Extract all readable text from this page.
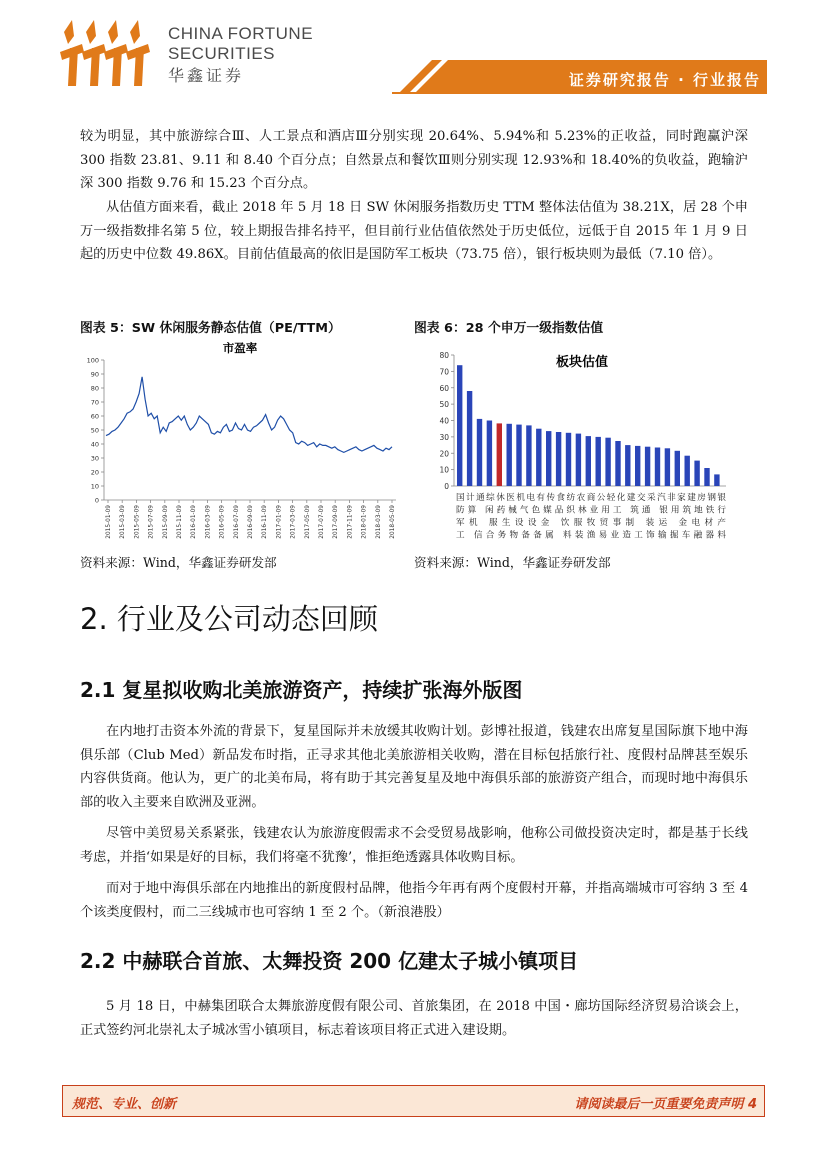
CHINA FORTUNE
SECURITIES
华鑫证券	证券研究报告 · 行业报告

较为明显，其中旅游综合Ⅲ、人工景点和酒店Ⅲ分别实现 20.64%、5.94%和 5.23%的正收益，同时跑赢沪深 300 指数 23.81、9.11 和 8.40 个百分点；自然景点和餐饮Ⅲ则分别实现 12.93%和 18.40%的负收益，跑输沪深 300 指数 9.76 和 15.23 个百分点。

从估值方面来看，截止 2018 年 5 月 18 日 SW 休闲服务指数历史 TTM 整体法估值为 38.21X，居 28 个申万一级指数排名第 5 位，较上期报告排名持平，但目前行业估值依然处于历史低位，远低于自 2015 年 1 月 9 日起的历史中位数 49.86X。目前估值最高的依旧是国防军工板块（73.75 倍），银行板块则为最低（7.10 倍）。

图表 5：SW 休闲服务静态估值（PE/TTM）
市盈率
0
10
20
30
40
50
60
70
80
90
100
2015-01-09 2015-03-09 2015-05-09 2015-07-09 2015-09-09 2015-11-09 2016-01-09 2016-03-09 2016-05-09 2016-07-09 2016-09-09 2016-11-09 2017-01-09 2017-03-09 2017-05-09 2017-07-09 2017-09-09 2017-11-09 2018-01-09 2018-03-09 2018-05-09
资料来源：Wind，华鑫证券研发部
图表 6：28 个申万一级指数估值
板块估值
0
10
20
30
40
50
60
70
80
国计通综休医机电有传食纺农商公轻化建交采汽非家建房钢银
防算 闲药械气色媒品织林业用工 筑通 银用筑地铁行
军机 服生设设金 饮服牧贸事制 装运 金电材产
工 信合务物备备属 料装渔易业造工饰输掘车融器料
资料来源：Wind，华鑫证券研发部
2. 行业及公司动态回顾
2.1 复星拟收购北美旅游资产，持续扩张海外版图

在内地打击资本外流的背景下，复星国际并未放缓其收购计划。彭博社报道，钱建农出席复星国际旗下地中海俱乐部（Club Med）新品发布时指，正寻求其他北美旅游相关收购，潜在目标包括旅行社、度假村品牌甚至娱乐内容供货商。他认为，更广的北美布局，将有助于其完善复星及地中海俱乐部的旅游资产组合，而现时地中海俱乐部的收入主要来自欧洲及亚洲。

尽管中美贸易关系紧张，钱建农认为旅游度假需求不会受贸易战影响，他称公司做投资决定时，都是基于长线考虑，并指‘如果是好的目标，我们将毫不犹豫’，惟拒绝透露具体收购目标。

而对于地中海俱乐部在内地推出的新度假村品牌，他指今年再有两个度假村开幕，并指高端城市可容纳 3 至 4 个该类度假村，而二三线城市也可容纳 1 至 2 个。（新浪港股）

2.2 中赫联合首旅、太舞投资 200 亿建太子城小镇项目

5 月 18 日，中赫集团联合太舞旅游度假有限公司、首旅集团，在 2018 中国・廊坊国际经济贸易洽谈会上，正式签约河北崇礼太子城冰雪小镇项目，标志着该项目将正式进入建设期。

规范、专业、创新	请阅读最后一页重要免责声明 4
